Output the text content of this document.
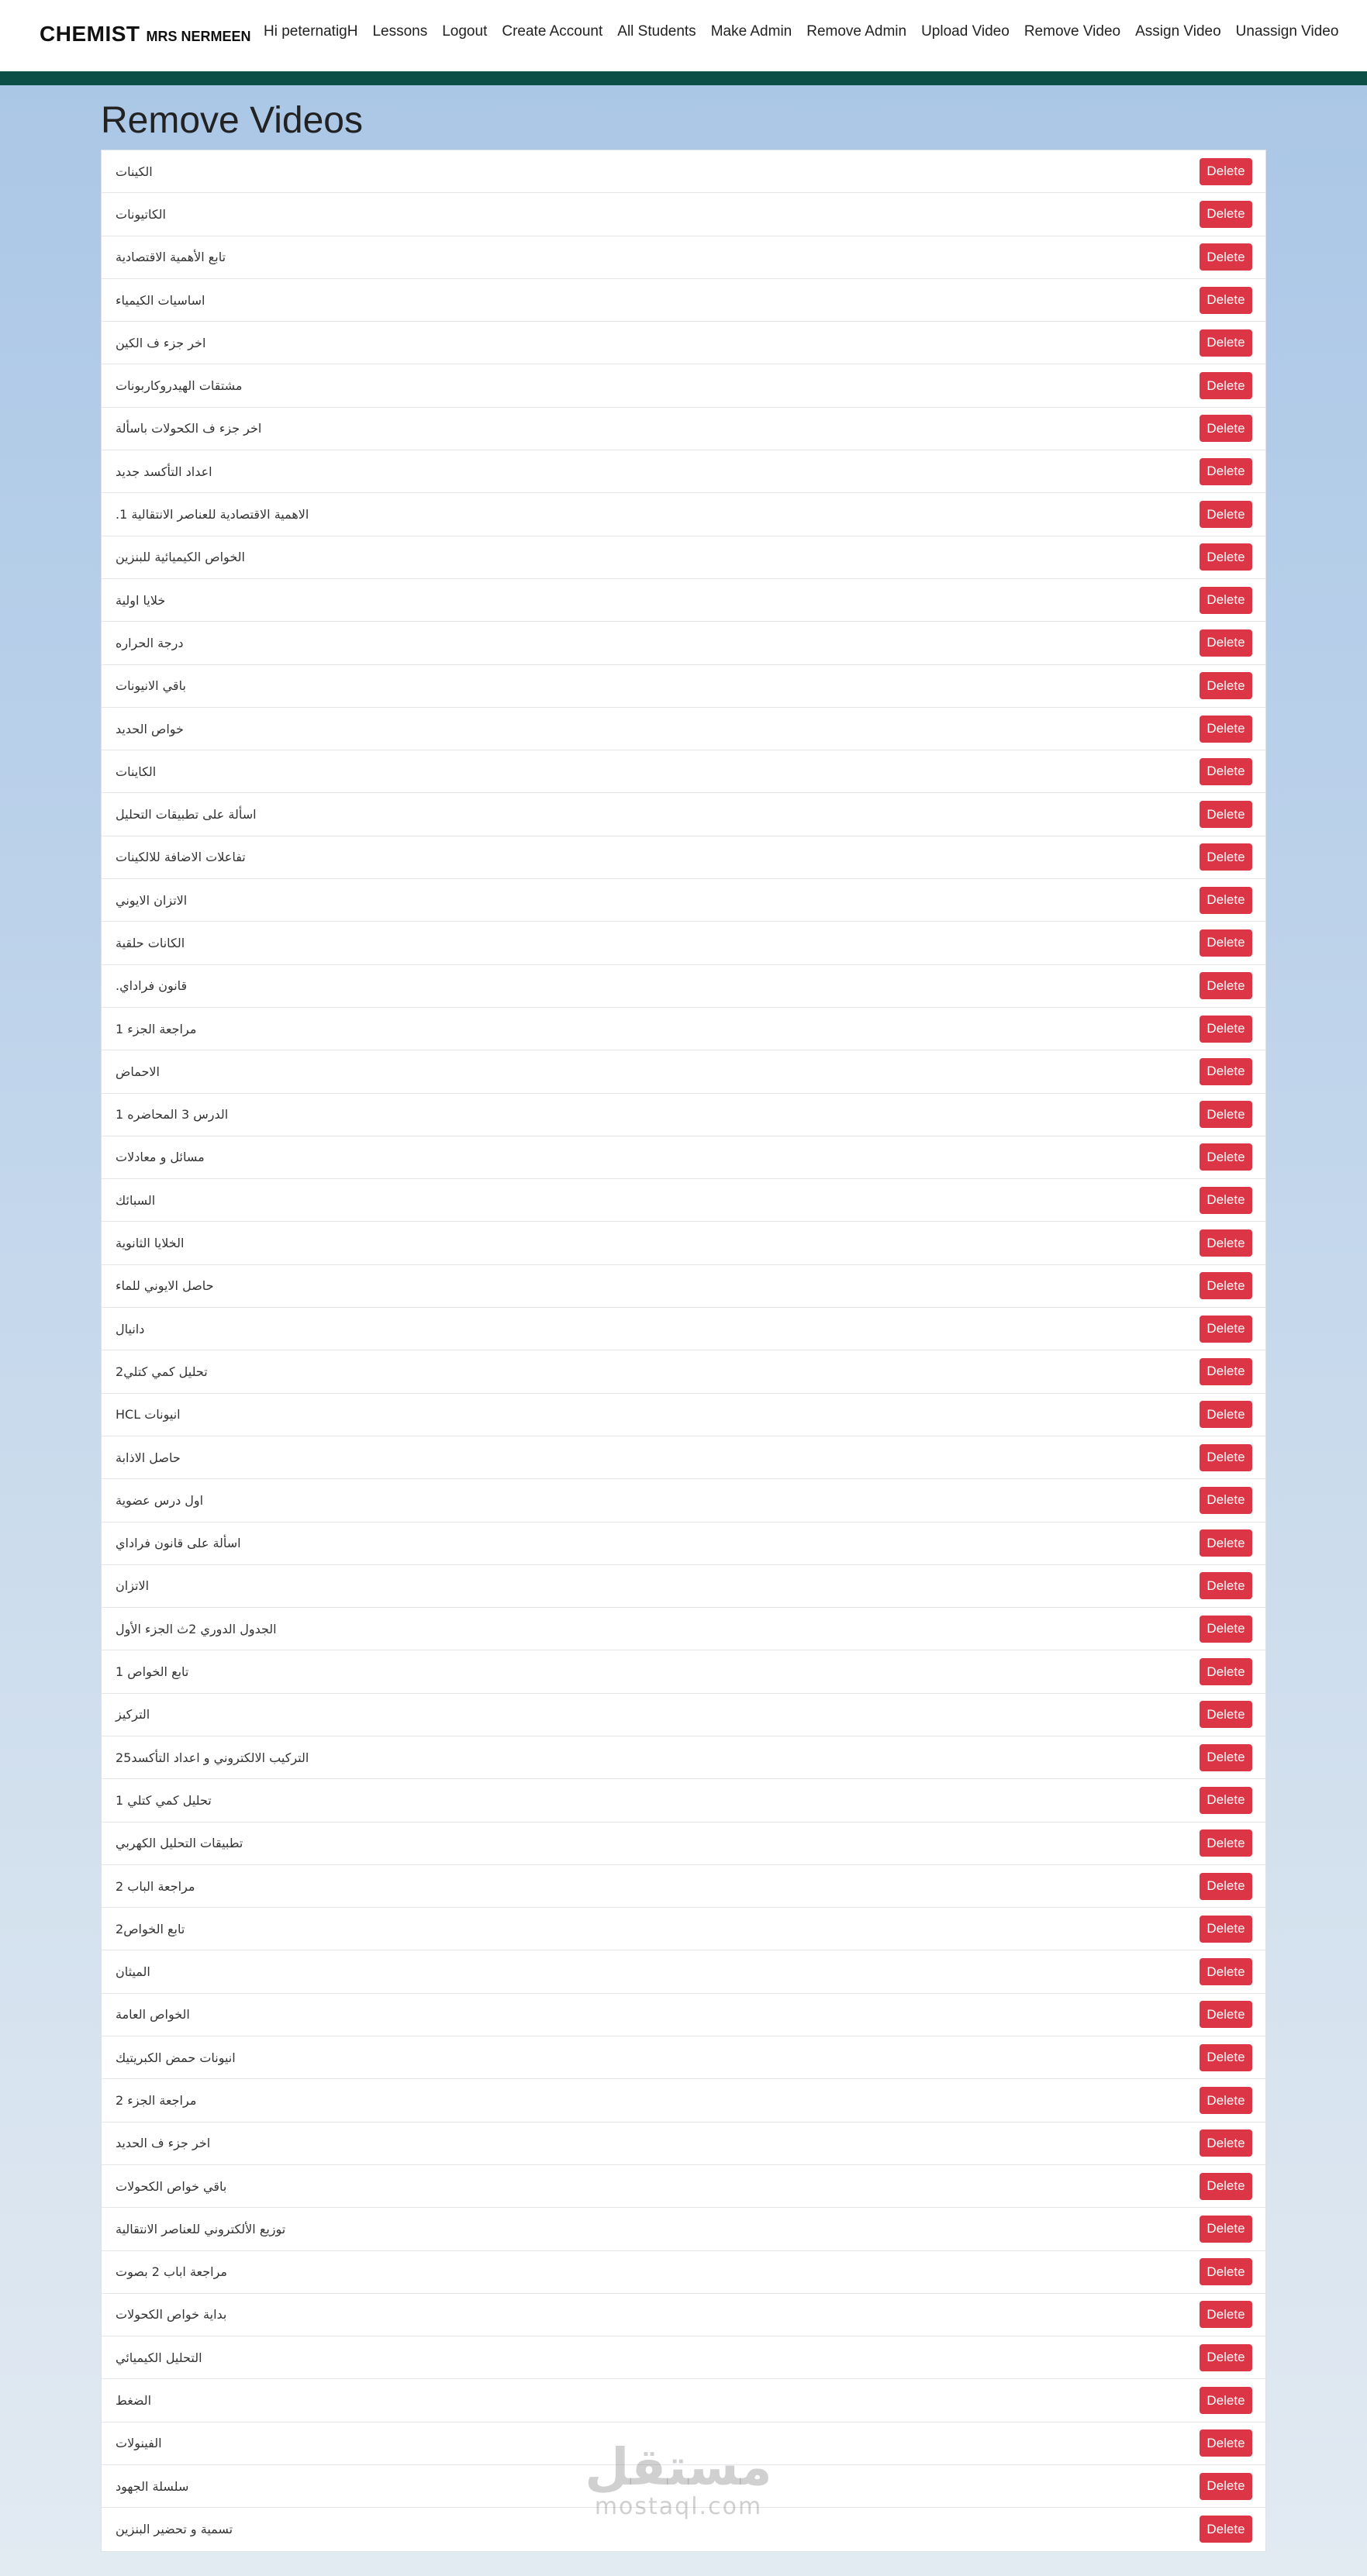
CHEMIST MRS NERMEEN Hi peternatigH Lessons Logout Create Account All Students Make Admin Remove Admin Upload Video Remove Video Assign Video Unassign Video
Remove Videos
الكينات	Delete
الكاتيونات	Delete
تابع الأهمية الاقتصادية	Delete
اساسيات الكيمياء	Delete
اخر جزء ف الكين	Delete
مشتقات الهيدروكاربونات	Delete
اخر جزء ف الكحولات باسألة	Delete
اعداد التأكسد جديد	Delete
الاهمية الاقتصادية للعناصر الانتقالية 1.	Delete
الخواص الكيميائية للبنزين	Delete
خلايا اولية	Delete
درجة الحراره	Delete
باقي الانيونات	Delete
خواص الحديد	Delete
الكاينات	Delete
اسألة على تطبيقات التحليل	Delete
تفاعلات الاضافة للالكينات	Delete
الاتزان الايوني	Delete
الكانات حلقية	Delete
قانون فراداي.	Delete
مراجعة الجزء 1	Delete
الاحماض	Delete
الدرس 3 المحاضره 1	Delete
مسائل و معادلات	Delete
السبائك	Delete
الخلايا الثانوية	Delete
حاصل الايوني للماء	Delete
دانيال	Delete
تحليل كمي كتلي2	Delete
انيونات HCL	Delete
حاصل الاذابة	Delete
اول درس عضوية	Delete
اسألة على قانون فراداي	Delete
الاتزان	Delete
الجدول الدوري 2ث الجزء الأول	Delete
تابع الخواص 1	Delete
التركيز	Delete
التركيب الالكتروني و اعداد التأكسد25	Delete
تحليل كمي كتلي 1	Delete
تطبيقات التحليل الكهربي	Delete
مراجعة الباب 2	Delete
تابع الخواص2	Delete
الميثان	Delete
الخواص العامة	Delete
انيونات حمض الكبريتيك	Delete
مراجعة الجزء 2	Delete
اخر جزء ف الحديد	Delete
باقي خواص الكحولات	Delete
توزيع الألكتروني للعناصر الانتقالية	Delete
مراجعة اباب 2 بصوت	Delete
بداية خواص الكحولات	Delete
التحليل الكيميائي	Delete
الضغط	Delete
الفينولات	Delete
سلسلة الجهود	Delete
تسمية و تحضير البنزين	Delete
مستقل
mostaql.com
